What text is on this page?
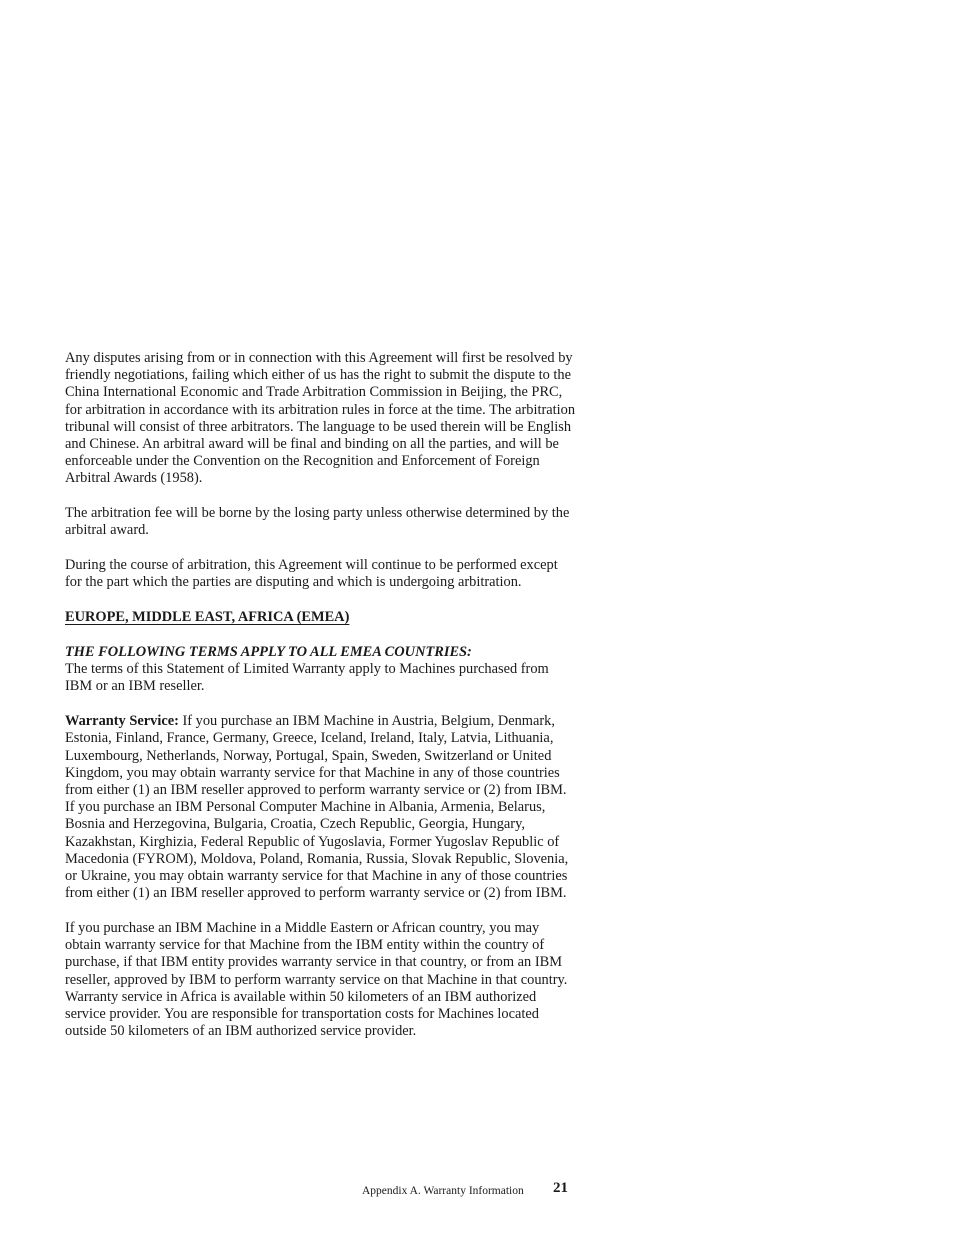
Any disputes arising from or in connection with this Agreement will first be resolved by friendly negotiations, failing which either of us has the right to submit the dispute to the China International Economic and Trade Arbitration Commission in Beijing, the PRC, for arbitration in accordance with its arbitration rules in force at the time. The arbitration tribunal will consist of three arbitrators. The language to be used therein will be English and Chinese. An arbitral award will be final and binding on all the parties, and will be enforceable under the Convention on the Recognition and Enforcement of Foreign Arbitral Awards (1958).

The arbitration fee will be borne by the losing party unless otherwise determined by the arbitral award.

During the course of arbitration, this Agreement will continue to be performed except for the part which the parties are disputing and which is undergoing arbitration.

EUROPE, MIDDLE EAST, AFRICA (EMEA)

THE FOLLOWING TERMS APPLY TO ALL EMEA COUNTRIES:
The terms of this Statement of Limited Warranty apply to Machines purchased from IBM or an IBM reseller.

Warranty Service: If you purchase an IBM Machine in Austria, Belgium, Denmark, Estonia, Finland, France, Germany, Greece, Iceland, Ireland, Italy, Latvia, Lithuania, Luxembourg, Netherlands, Norway, Portugal, Spain, Sweden, Switzerland or United Kingdom, you may obtain warranty service for that Machine in any of those countries from either (1) an IBM reseller approved to perform warranty service or (2) from IBM. If you purchase an IBM Personal Computer Machine in Albania, Armenia, Belarus, Bosnia and Herzegovina, Bulgaria, Croatia, Czech Republic, Georgia, Hungary, Kazakhstan, Kirghizia, Federal Republic of Yugoslavia, Former Yugoslav Republic of Macedonia (FYROM), Moldova, Poland, Romania, Russia, Slovak Republic, Slovenia, or Ukraine, you may obtain warranty service for that Machine in any of those countries from either (1) an IBM reseller approved to perform warranty service or (2) from IBM.

If you purchase an IBM Machine in a Middle Eastern or African country, you may obtain warranty service for that Machine from the IBM entity within the country of purchase, if that IBM entity provides warranty service in that country, or from an IBM reseller, approved by IBM to perform warranty service on that Machine in that country. Warranty service in Africa is available within 50 kilometers of an IBM authorized service provider. You are responsible for transportation costs for Machines located outside 50 kilometers of an IBM authorized service provider.

Appendix A. Warranty Information 21
